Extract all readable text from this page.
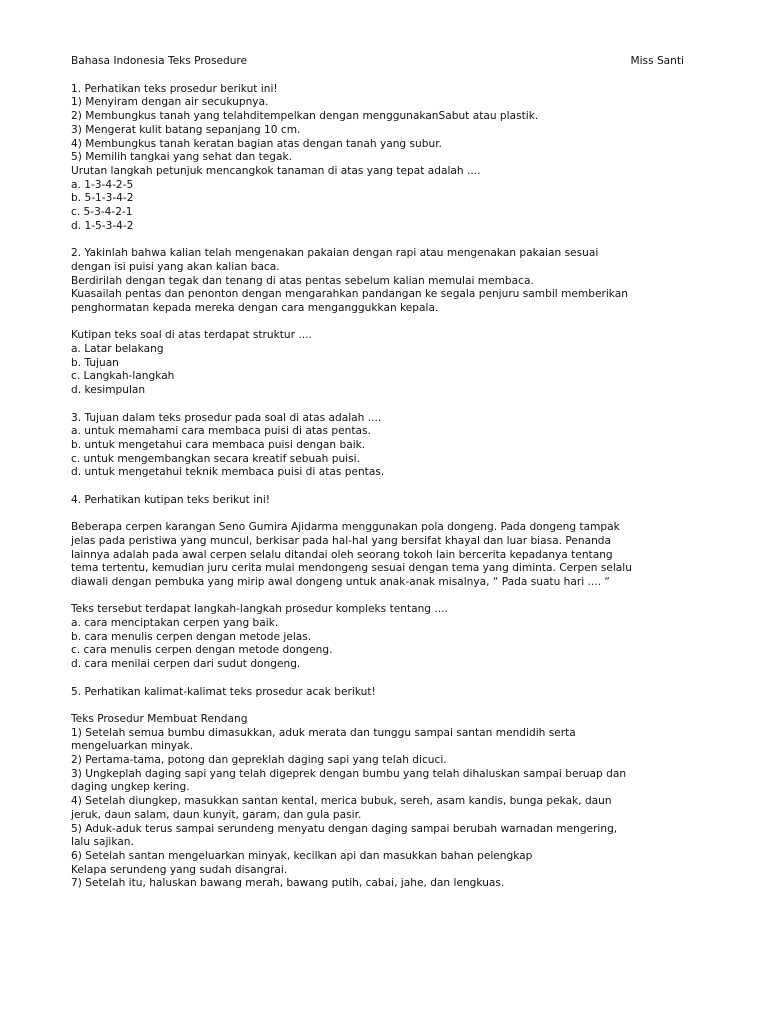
Bahasa Indonesia Teks Prosedure	Miss Santi
1. Perhatikan teks prosedur berikut ini!
1) Menyiram dengan air secukupnya.
2) Membungkus tanah yang telahditempelkan dengan menggunakanSabut atau plastik.
3) Mengerat kulit batang sepanjang 10 cm.
4) Membungkus tanah keratan bagian atas dengan tanah yang subur.
5) Memilih tangkai yang sehat dan tegak.
Urutan langkah petunjuk mencangkok tanaman di atas yang tepat adalah ....
a. 1-3-4-2-5
b. 5-1-3-4-2
c. 5-3-4-2-1
d. 1-5-3-4-2
2. Yakinlah bahwa kalian telah mengenakan pakaian dengan rapi atau mengenakan pakaian sesuai
dengan isi puisi yang akan kalian baca.
Berdirilah dengan tegak dan tenang di atas pentas sebelum kalian memulai membaca.
Kuasailah pentas dan penonton dengan mengarahkan pandangan ke segala penjuru sambil memberikan
penghormatan kepada mereka dengan cara menganggukkan kepala.
Kutipan teks soal di atas terdapat struktur ....
a. Latar belakang
b. Tujuan
c. Langkah-langkah
d. kesimpulan
3. Tujuan dalam teks prosedur pada soal di atas adalah ....
a. untuk memahami cara membaca puisi di atas pentas.
b. untuk mengetahui cara membaca puisi dengan baik.
c. untuk mengembangkan secara kreatif sebuah puisi.
d. untuk mengetahui teknik membaca puisi di atas pentas.
4. Perhatikan kutipan teks berikut ini!
Beberapa cerpen karangan Seno Gumira Ajidarma menggunakan pola dongeng. Pada dongeng tampak
jelas pada peristiwa yang muncul, berkisar pada hal-hal yang bersifat khayal dan luar biasa. Penanda
lainnya adalah pada awal cerpen selalu ditandai oleh seorang tokoh lain bercerita kepadanya tentang
tema tertentu, kemudian juru cerita mulai mendongeng sesuai dengan tema yang diminta. Cerpen selalu
diawali dengan pembuka yang mirip awal dongeng untuk anak-anak misalnya, “ Pada suatu hari .... “
Teks tersebut terdapat langkah-langkah prosedur kompleks tentang ....
a. cara menciptakan cerpen yang baik.
b. cara menulis cerpen dengan metode jelas.
c. cara menulis cerpen dengan metode dongeng.
d. cara menilai cerpen dari sudut dongeng.
5. Perhatikan kalimat-kalimat teks prosedur acak berikut!
Teks Prosedur Membuat Rendang
1) Setelah semua bumbu dimasukkan, aduk merata dan tunggu sampai santan mendidih serta
mengeluarkan minyak.
2) Pertama-tama, potong dan gepreklah daging sapi yang telah dicuci.
3) Ungkeplah daging sapi yang telah digeprek dengan bumbu yang telah dihaluskan sampai beruap dan
daging ungkep kering.
4) Setelah diungkep, masukkan santan kental, merica bubuk, sereh, asam kandis, bunga pekak, daun
jeruk, daun salam, daun kunyit, garam, dan gula pasir.
5) Aduk-aduk terus sampai serundeng menyatu dengan daging sampai berubah warnadan mengering,
lalu sajikan.
6) Setelah santan mengeluarkan minyak, kecilkan api dan masukkan bahan pelengkap
Kelapa serundeng yang sudah disangrai.
7) Setelah itu, haluskan bawang merah, bawang putih, cabai, jahe, dan lengkuas.
